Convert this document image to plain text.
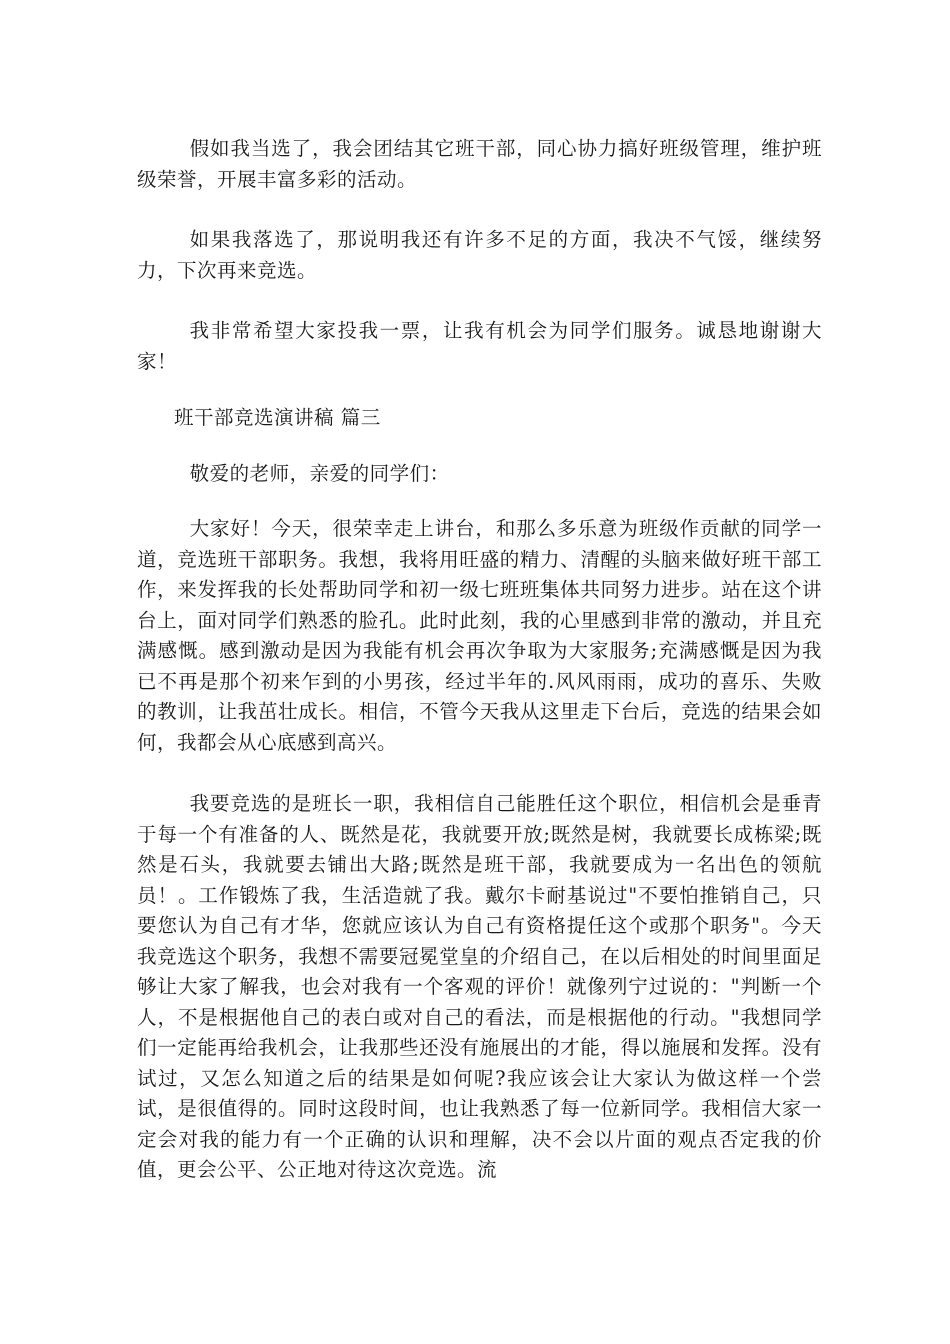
假如我当选了，我会团结其它班干部，同心协力搞好班级管理，维护班级荣誉，开展丰富多彩的活动。

如果我落选了，那说明我还有许多不足的方面，我决不气馁，继续努力，下次再来竞选。

我非常希望大家投我一票，让我有机会为同学们服务。诚恳地谢谢大家！

班干部竞选演讲稿 篇三

敬爱的老师，亲爱的同学们：

大家好！今天，很荣幸走上讲台，和那么多乐意为班级作贡献的同学一道，竞选班干部职务。我想，我将用旺盛的精力、清醒的头脑来做好班干部工作，来发挥我的长处帮助同学和初一级七班班集体共同努力进步。站在这个讲台上，面对同学们熟悉的脸孔。此时此刻，我的心里感到非常的激动，并且充满感慨。感到激动是因为我能有机会再次争取为大家服务;充满感慨是因为我已不再是那个初来乍到的小男孩，经过半年的.风风雨雨，成功的喜乐、失败的教训，让我茁壮成长。相信，不管今天我从这里走下台后，竞选的结果会如何，我都会从心底感到高兴。

我要竞选的是班长一职，我相信自己能胜任这个职位，相信机会是垂青于每一个有准备的人、既然是花，我就要开放;既然是树，我就要长成栋梁;既然是石头，我就要去铺出大路;既然是班干部，我就要成为一名出色的领航员！。工作锻炼了我，生活造就了我。戴尔卡耐基说过"不要怕推销自己，只要您认为自己有才华，您就应该认为自己有资格提任这个或那个职务"。今天我竞选这个职务，我想不需要冠冕堂皇的介绍自己，在以后相处的时间里面足够让大家了解我，也会对我有一个客观的评价！就像列宁过说的："判断一个人，不是根据他自己的表白或对自己的看法，而是根据他的行动。"我想同学们一定能再给我机会，让我那些还没有施展出的才能，得以施展和发挥。没有试过，又怎么知道之后的结果是如何呢?我应该会让大家认为做这样一个尝试，是很值得的。同时这段时间，也让我熟悉了每一位新同学。我相信大家一定会对我的能力有一个正确的认识和理解，决不会以片面的观点否定我的价值，更会公平、公正地对待这次竞选。流
